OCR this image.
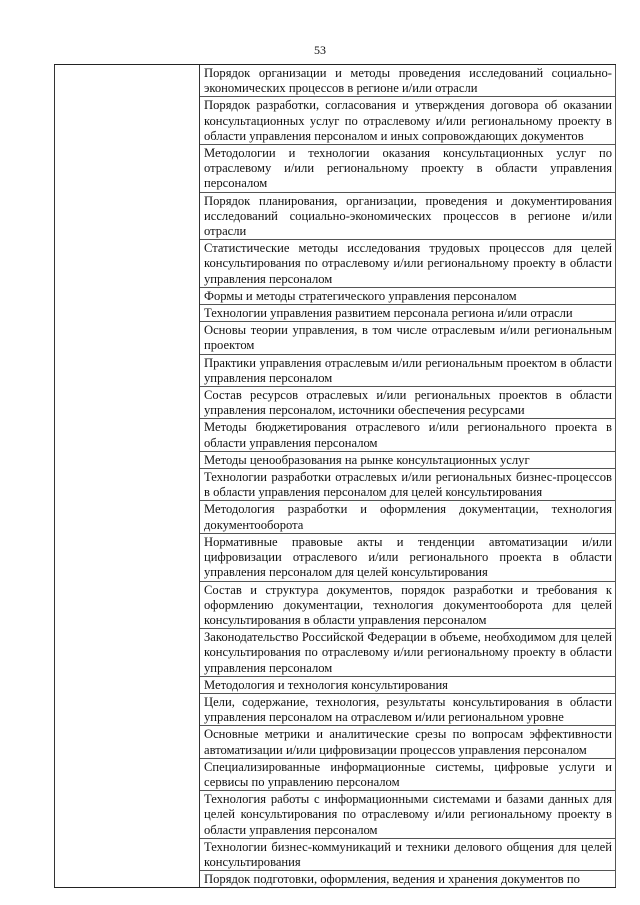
53
Порядок организации и методы проведения исследований социально-экономических процессов в регионе и/или отрасли
Порядок разработки, согласования и утверждения договора об оказании консультационных услуг по отраслевому и/или региональному проекту в области управления персоналом и иных сопровождающих документов
Методологии и технологии оказания консультационных услуг по отраслевому и/или региональному проекту в области управления персоналом
Порядок планирования, организации, проведения и документирования исследований социально-экономических процессов в регионе и/или отрасли
Статистические методы исследования трудовых процессов для целей консультирования по отраслевому и/или региональному проекту в области управления персоналом
Формы и методы стратегического управления персоналом
Технологии управления развитием персонала региона и/или отрасли
Основы теории управления, в том числе отраслевым и/или региональным проектом
Практики управления отраслевым и/или региональным проектом в области управления персоналом
Состав ресурсов отраслевых и/или региональных проектов в области управления персоналом, источники обеспечения ресурсами
Методы бюджетирования отраслевого и/или регионального проекта в области управления персоналом
Методы ценообразования на рынке консультационных услуг
Технологии разработки отраслевых и/или региональных бизнес-процессов в области управления персоналом для целей консультирования
Методология разработки и оформления документации, технология документооборота
Нормативные правовые акты и тенденции автоматизации и/или цифровизации отраслевого и/или регионального проекта в области управления персоналом для целей консультирования
Состав и структура документов, порядок разработки и требования к оформлению документации, технология документооборота для целей консультирования в области управления персоналом
Законодательство Российской Федерации в объеме, необходимом для целей консультирования по отраслевому и/или региональному проекту в области управления персоналом
Методология и технология консультирования
Цели, содержание, технология, результаты консультирования в области управления персоналом на отраслевом и/или региональном уровне
Основные метрики и аналитические срезы по вопросам эффективности автоматизации и/или цифровизации процессов управления персоналом
Специализированные информационные системы, цифровые услуги и сервисы по управлению персоналом
Технология работы с информационными системами и базами данных для целей консультирования по отраслевому и/или региональному проекту в области управления персоналом
Технологии бизнес-коммуникаций и техники делового общения для целей консультирования
Порядок подготовки, оформления, ведения и хранения документов по
